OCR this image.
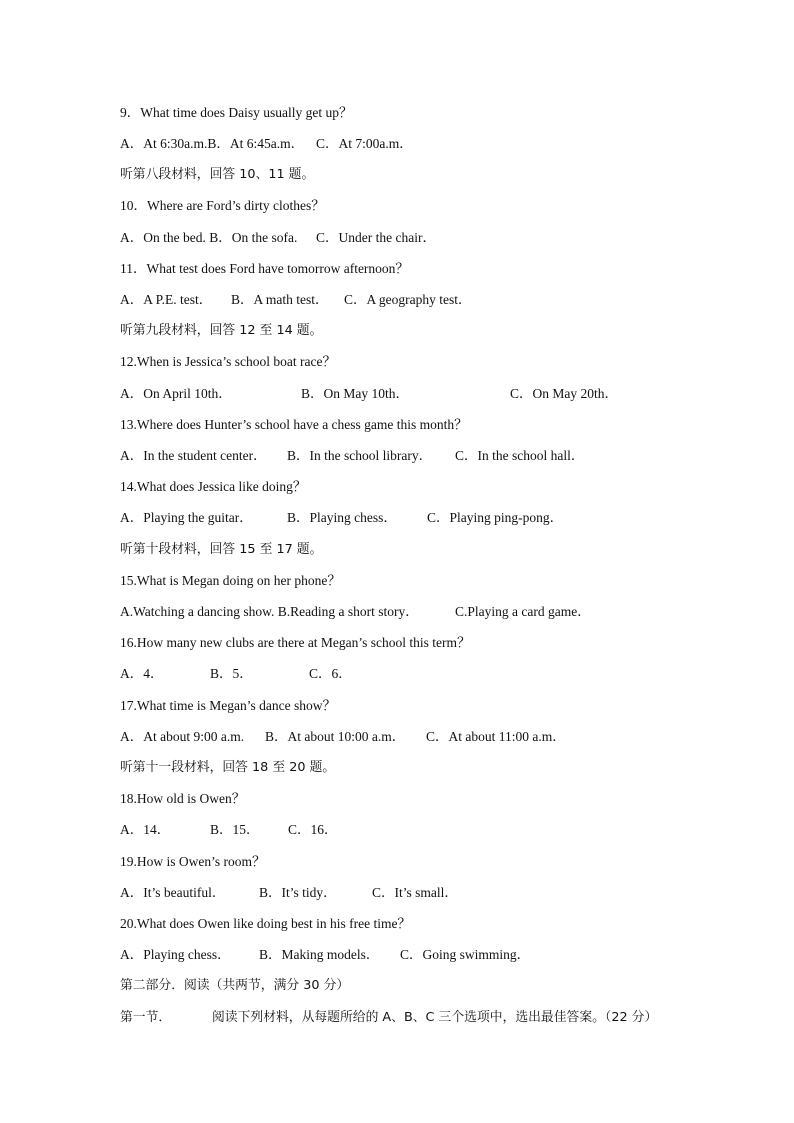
9．What time does Daisy usually get up？
A．At 6:30a.m.B．At 6:45a.m． C．At 7:00a.m．
听第八段材料，回答 10、11 题。
10．Where are Ford’s dirty clothes？
A．On the bed. B．On the sofa. C．Under the chair．
11．What test does Ford have tomorrow afternoon？
A．A P.E. test． B．A math test． C．A geography test．
听第九段材料，回答 12 至 14 题。
12.When is Jessica’s school boat race？
A．On April 10th．	B．On May 10th．	C．On May 20th．
13.Where does Hunter’s school have a chess game this month？
A．In the student center． B．In the school library． C．In the school hall．
14.What does Jessica like doing？
A．Playing the guitar．	B．Playing chess． C．Playing ping-pong．
听第十段材料，回答 15 至 17 题。
15.What is Megan doing on her phone？
A.Watching a dancing show. B.Reading a short story．	C.Playing a card game．
16.How many new clubs are there at Megan’s school this term？
A．4．	B．5．	C．6．
17.What time is Megan’s dance show？
A．At about 9:00 a.m. B．At about 10:00 a.m． C．At about 11:00 a.m．
听第十一段材料，回答 18 至 20 题。
18.How old is Owen？
A．14．	B．15． C．16．
19.How is Owen’s room？
A．It’s beautiful． B．It’s tidy．	C．It’s small．
20.What does Owen like doing best in his free time？
A．Playing chess． B．Making models． C．Going swimming．
第二部分．阅读（共两节，满分 30 分）
第一节．	阅读下列材料，从每题所给的 A、B、C 三个选项中，选出最佳答案。（22 分）
